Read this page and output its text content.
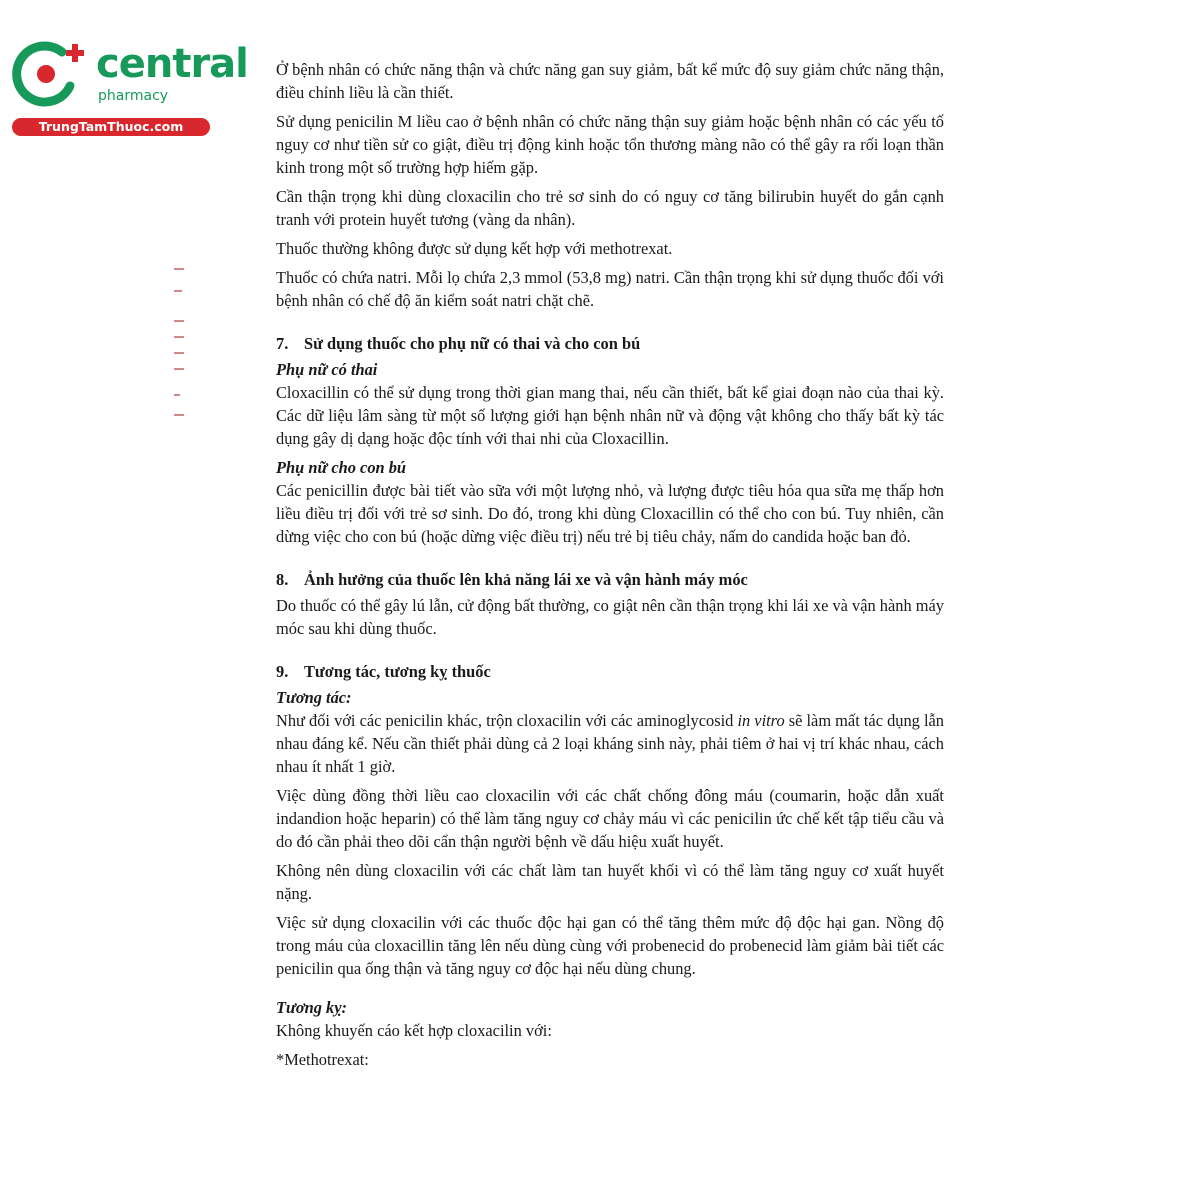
central
pharmacy
TrungTamThuoc.com

Ở bệnh nhân có chức năng thận và chức năng gan suy giảm, bất kể mức độ suy giảm chức năng thận, điều chỉnh liều là cần thiết.

Sử dụng penicilin M liều cao ở bệnh nhân có chức năng thận suy giảm hoặc bệnh nhân có các yếu tố nguy cơ như tiền sử co giật, điều trị động kinh hoặc tổn thương màng não có thể gây ra rối loạn thần kinh trong một số trường hợp hiếm gặp.

Cần thận trọng khi dùng cloxacilin cho trẻ sơ sinh do có nguy cơ tăng bilirubin huyết do gắn cạnh tranh với protein huyết tương (vàng da nhân).

Thuốc thường không được sử dụng kết hợp với methotrexat.

Thuốc có chứa natri. Mỗi lọ chứa 2,3 mmol (53,8 mg) natri. Cần thận trọng khi sử dụng thuốc đối với bệnh nhân có chế độ ăn kiểm soát natri chặt chẽ.

7. Sử dụng thuốc cho phụ nữ có thai và cho con bú
Phụ nữ có thai

Cloxacillin có thể sử dụng trong thời gian mang thai, nếu cần thiết, bất kể giai đoạn nào của thai kỳ. Các dữ liệu lâm sàng từ một số lượng giới hạn bệnh nhân nữ và động vật không cho thấy bất kỳ tác dụng gây dị dạng hoặc độc tính với thai nhi của Cloxacillin.

Phụ nữ cho con bú

Các penicillin được bài tiết vào sữa với một lượng nhỏ, và lượng được tiêu hóa qua sữa mẹ thấp hơn liều điều trị đối với trẻ sơ sinh. Do đó, trong khi dùng Cloxacillin có thể cho con bú. Tuy nhiên, cần dừng việc cho con bú (hoặc dừng việc điều trị) nếu trẻ bị tiêu chảy, nấm do candida hoặc ban đỏ.

8. Ảnh hưởng của thuốc lên khả năng lái xe và vận hành máy móc

Do thuốc có thể gây lú lẫn, cử động bất thường, co giật nên cần thận trọng khi lái xe và vận hành máy móc sau khi dùng thuốc.

9. Tương tác, tương kỵ thuốc
Tương tác:

Như đối với các penicilin khác, trộn cloxacilin với các aminoglycosid in vitro sẽ làm mất tác dụng lẫn nhau đáng kể. Nếu cần thiết phải dùng cả 2 loại kháng sinh này, phải tiêm ở hai vị trí khác nhau, cách nhau ít nhất 1 giờ.

Việc dùng đồng thời liều cao cloxacilin với các chất chống đông máu (coumarin, hoặc dẫn xuất indandion hoặc heparin) có thể làm tăng nguy cơ chảy máu vì các penicilin ức chế kết tập tiểu cầu và do đó cần phải theo dõi cẩn thận người bệnh về dấu hiệu xuất huyết.

Không nên dùng cloxacilin với các chất làm tan huyết khối vì có thể làm tăng nguy cơ xuất huyết nặng.

Việc sử dụng cloxacilin với các thuốc độc hại gan có thể tăng thêm mức độ độc hại gan. Nồng độ trong máu của cloxacillin tăng lên nếu dùng cùng với probenecid do probenecid làm giảm bài tiết các penicilin qua ống thận và tăng nguy cơ độc hại nếu dùng chung.

Tương kỵ:

Không khuyến cáo kết hợp cloxacilin với:

*Methotrexat:
